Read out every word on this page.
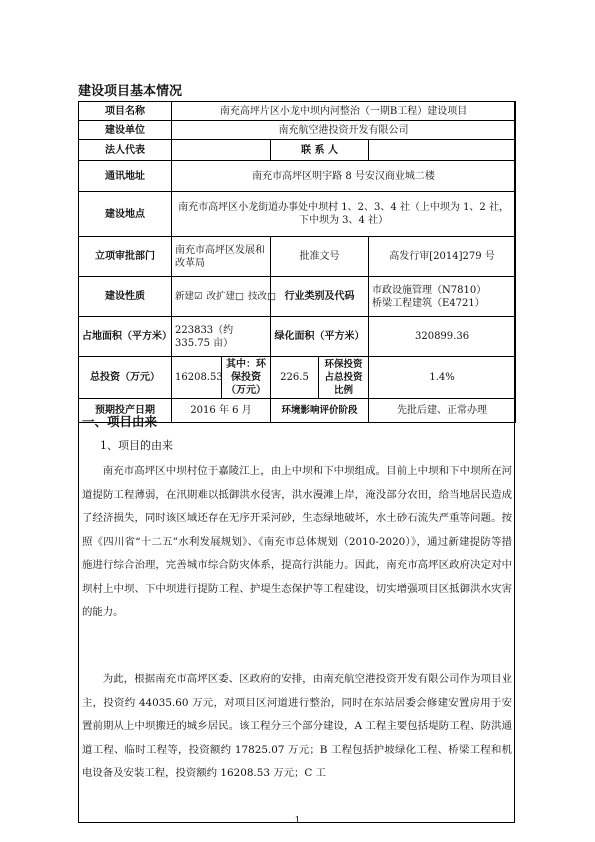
建设项目基本情况
项目名称	南充高坪片区小龙中坝内河整治（一期B工程）建设项目				
建设单位	南充航空港投资开发有限公司				
法人代表			联 系 人		
通讯地址	南充市高坪区明宇路 8 号安汉商业城二楼				
建设地点	南充市高坪区小龙街道办事处中坝村 1、2、3、4 社（上中坝为 1、2 社，下中坝为 3、4 社）				
立项审批部门	南充市高坪区发展和改革局		批准文号		高发行审[2014]279 号
建设性质	新建☑ 改扩建□ 技改□		行业类别及代码		市政设施管理（N7810）
桥梁工程建筑（E4721）

占地面积（平方米）	223833（约 335.75 亩）		绿化面积（平方米）		320899.36
总投资（万元）	16208.53	其中：环保投资（万元）	226.5	环保投资占总投资比例	1.4%
预期投产日期	2016 年 6 月		环境影响评价阶段		先批后建、正常办理
一、项目由来
1、项目的由来

南充市高坪区中坝村位于嘉陵江上，由上中坝和下中坝组成。目前上中坝和下中坝所在河道提防工程薄弱，在汛期难以抵御洪水侵害，洪水漫滩上岸，淹没部分农田，给当地居民造成了经济损失，同时该区域还存在无序开采河砂，生态绿地破坏，水土砂石流失严重等问题。按照《四川省“十二五”水利发展规划》、《南充市总体规划（2010-2020）》，通过新建提防等措施进行综合治理，完善城市综合防灾体系，提高行洪能力。因此，南充市高坪区政府决定对中坝村上中坝、下中坝进行提防工程、护堤生态保护等工程建设，切实增强项目区抵御洪水灾害的能力。

为此，根据南充市高坪区委、区政府的安排，由南充航空港投资开发有限公司作为项目业主，投资约 44035.60 万元，对项目区河道进行整治，同时在东站居委会修建安置房用于安置前期从上中坝搬迁的城乡居民。该工程分三个部分建设，A 工程主要包括堤防工程、防洪通道工程、临时工程等，投资额约 17825.07 万元；B 工程包括护坡绿化工程、桥梁工程和机电设备及安装工程，投资额约 16208.53 万元；C 工

1
